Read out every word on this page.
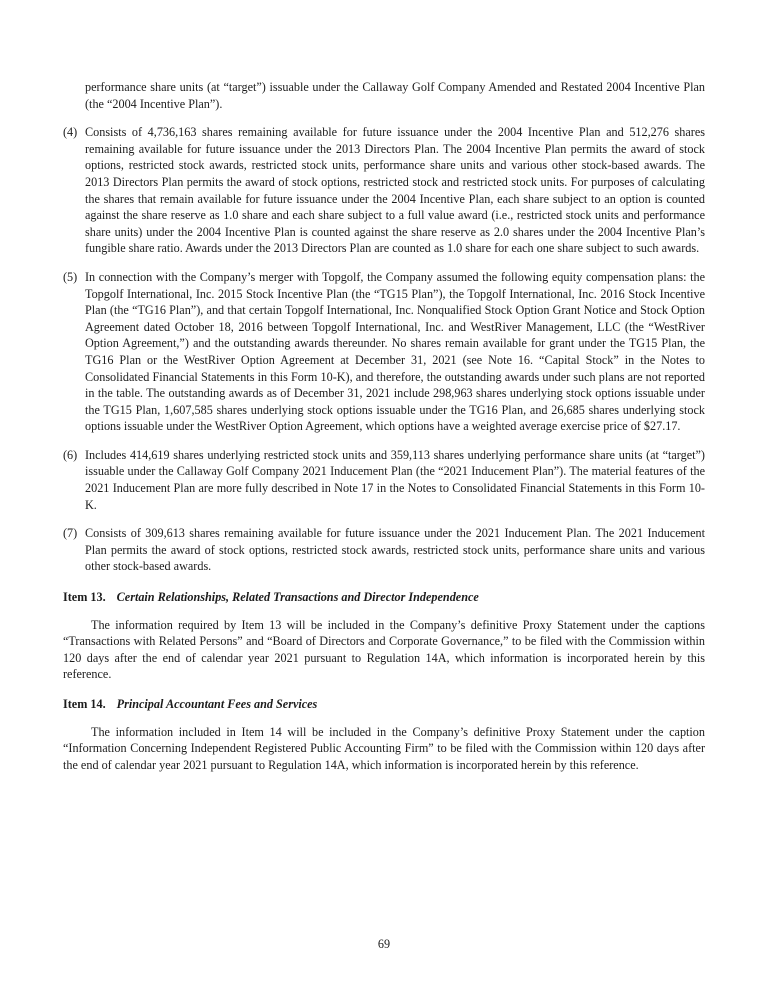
performance share units (at “target”) issuable under the Callaway Golf Company Amended and Restated 2004 Incentive Plan (the “2004 Incentive Plan”).

(4) Consists of 4,736,163 shares remaining available for future issuance under the 2004 Incentive Plan and 512,276 shares remaining available for future issuance under the 2013 Directors Plan. The 2004 Incentive Plan permits the award of stock options, restricted stock awards, restricted stock units, performance share units and various other stock-based awards. The 2013 Directors Plan permits the award of stock options, restricted stock and restricted stock units. For purposes of calculating the shares that remain available for future issuance under the 2004 Incentive Plan, each share subject to an option is counted against the share reserve as 1.0 share and each share subject to a full value award (i.e., restricted stock units and performance share units) under the 2004 Incentive Plan is counted against the share reserve as 2.0 shares under the 2004 Incentive Plan’s fungible share ratio. Awards under the 2013 Directors Plan are counted as 1.0 share for each one share subject to such awards.

(5) In connection with the Company’s merger with Topgolf, the Company assumed the following equity compensation plans: the Topgolf International, Inc. 2015 Stock Incentive Plan (the “TG15 Plan”), the Topgolf International, Inc. 2016 Stock Incentive Plan (the “TG16 Plan”), and that certain Topgolf International, Inc. Nonqualified Stock Option Grant Notice and Stock Option Agreement dated October 18, 2016 between Topgolf International, Inc. and WestRiver Management, LLC (the “WestRiver Option Agreement,”) and the outstanding awards thereunder. No shares remain available for grant under the TG15 Plan, the TG16 Plan or the WestRiver Option Agreement at December 31, 2021 (see Note 16. “Capital Stock” in the Notes to Consolidated Financial Statements in this Form 10-K), and therefore, the outstanding awards under such plans are not reported in the table. The outstanding awards as of December 31, 2021 include 298,963 shares underlying stock options issuable under the TG15 Plan, 1,607,585 shares underlying stock options issuable under the TG16 Plan, and 26,685 shares underlying stock options issuable under the WestRiver Option Agreement, which options have a weighted average exercise price of $27.17.

(6) Includes 414,619 shares underlying restricted stock units and 359,113 shares underlying performance share units (at “target”) issuable under the Callaway Golf Company 2021 Inducement Plan (the “2021 Inducement Plan”). The material features of the 2021 Inducement Plan are more fully described in Note 17 in the Notes to Consolidated Financial Statements in this Form 10-K.

(7) Consists of 309,613 shares remaining available for future issuance under the 2021 Inducement Plan. The 2021 Inducement Plan permits the award of stock options, restricted stock awards, restricted stock units, performance share units and various other stock-based awards.

Item 13. Certain Relationships, Related Transactions and Director Independence

The information required by Item 13 will be included in the Company’s definitive Proxy Statement under the captions “Transactions with Related Persons” and “Board of Directors and Corporate Governance,” to be filed with the Commission within 120 days after the end of calendar year 2021 pursuant to Regulation 14A, which information is incorporated herein by this reference.

Item 14. Principal Accountant Fees and Services

The information included in Item 14 will be included in the Company’s definitive Proxy Statement under the caption “Information Concerning Independent Registered Public Accounting Firm” to be filed with the Commission within 120 days after the end of calendar year 2021 pursuant to Regulation 14A, which information is incorporated herein by this reference.

69
